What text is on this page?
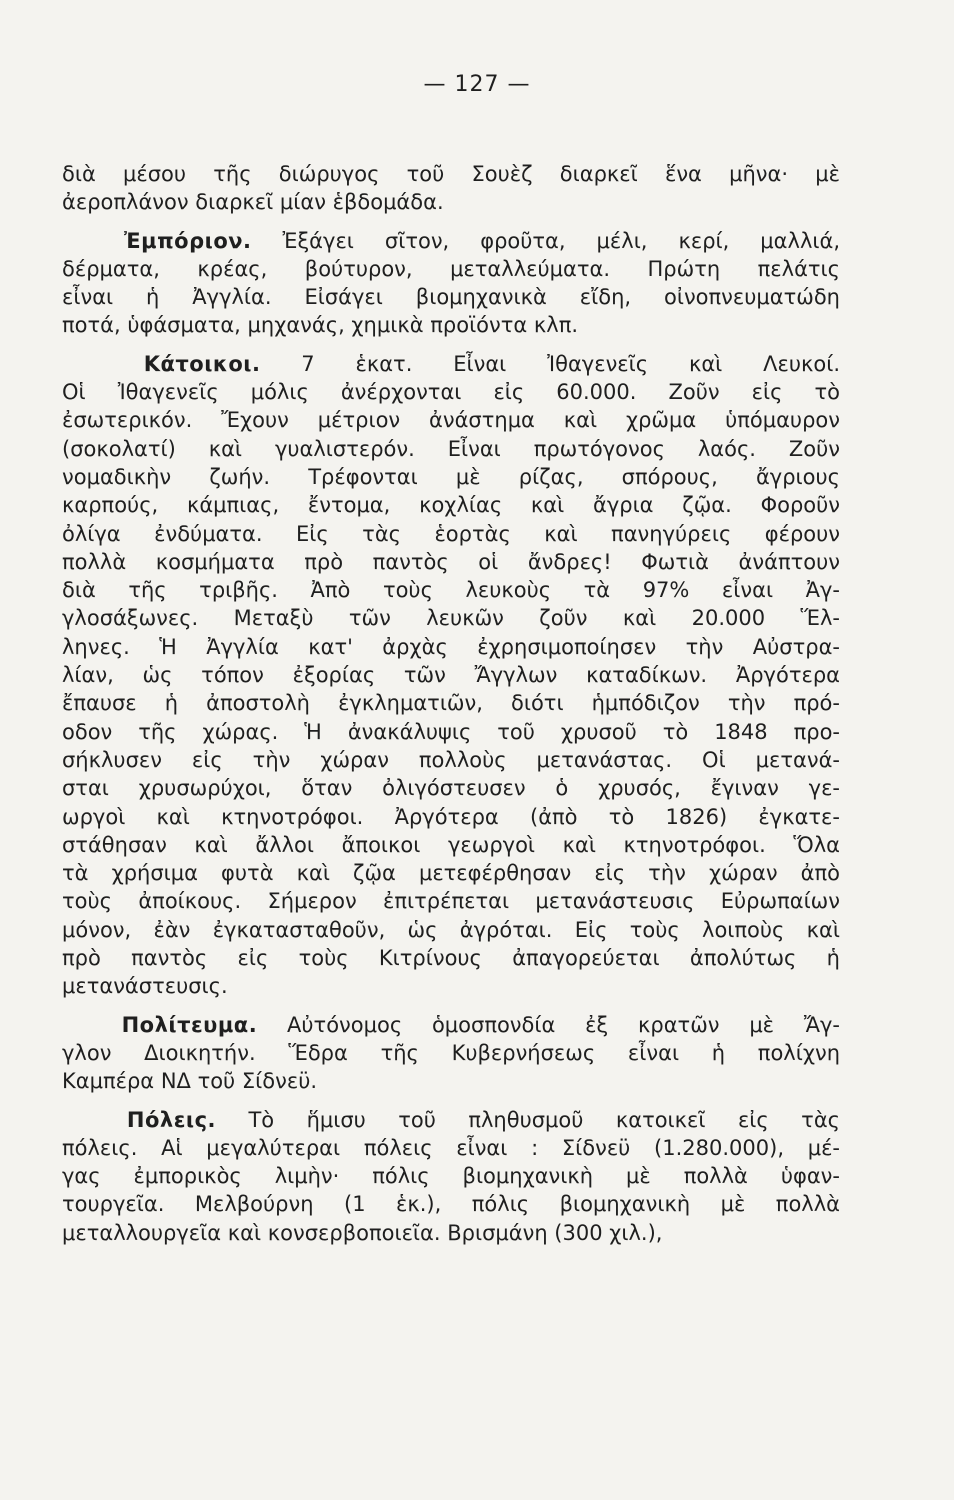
— 127 —
διὰ μέσου τῆς διώρυγος τοῦ Σουὲζ διαρκεῖ ἕνα μῆνα· μὲ
ἀεροπλάνον διαρκεῖ μίαν ἑβδομάδα.
Ἐμπόριον. Ἐξάγει σῖτον, φροῦτα, μέλι, κερί, μαλλιά,
δέρματα, κρέας, βούτυρον, μεταλλεύματα. Πρώτη πελάτις
εἶναι ἡ Ἀγγλία. Εἰσάγει βιομηχανικὰ εἴδη, οἰνοπνευματώδη
ποτά, ὑφάσματα, μηχανάς, χημικὰ προϊόντα κλπ.
Κάτοικοι. 7 ἑκατ. Εἶναι Ἰθαγενεῖς καὶ Λευκοί.
Οἱ Ἰθαγενεῖς μόλις ἀνέρχονται εἰς 60.000. Ζοῦν εἰς τὸ
ἐσωτερικόν. Ἔχουν μέτριον ἀνάστημα καὶ χρῶμα ὑπόμαυρον
(σοκολατί) καὶ γυαλιστερόν. Εἶναι πρωτόγονος λαός. Ζοῦν
νομαδικὴν ζωήν. Τρέφονται μὲ ρίζας, σπόρους, ἄγριους
καρπούς, κάμπιας, ἔντομα, κοχλίας καὶ ἄγρια ζῷα. Φοροῦν
ὀλίγα ἐνδύματα. Εἰς τὰς ἑορτὰς καὶ πανηγύρεις φέρουν
πολλὰ κοσμήματα πρὸ παντὸς οἱ ἄνδρες! Φωτιὰ ἀνάπτουν
διὰ τῆς τριβῆς. Ἀπὸ τοὺς λευκοὺς τὰ 97% εἶναι Ἀγ-
γλοσάξωνες. Μεταξὺ τῶν λευκῶν ζοῦν καὶ 20.000 Ἕλ-
ληνες. Ἡ Ἀγγλία κατ' ἀρχὰς ἐχρησιμοποίησεν τὴν Αὐστρα-
λίαν, ὡς τόπον ἐξορίας τῶν Ἄγγλων καταδίκων. Ἀργότερα
ἔπαυσε ἡ ἀποστολὴ ἐγκληματιῶν, διότι ἡμπόδιζον τὴν πρό-
οδον τῆς χώρας. Ἡ ἀνακάλυψις τοῦ χρυσοῦ τὸ 1848 προ-
σήκλυσεν εἰς τὴν χώραν πολλοὺς μετανάστας. Οἱ μετανά-
σται χρυσωρύχοι, ὅταν ὀλιγόστευσεν ὁ χρυσός, ἔγιναν γε-
ωργοὶ καὶ κτηνοτρόφοι. Ἀργότερα (ἀπὸ τὸ 1826) ἐγκατε-
στάθησαν καὶ ἄλλοι ἄποικοι γεωργοὶ καὶ κτηνοτρόφοι. Ὅλα
τὰ χρήσιμα φυτὰ καὶ ζῷα μετεφέρθησαν εἰς τὴν χώραν ἀπὸ
τοὺς ἀποίκους. Σήμερον ἐπιτρέπεται μετανάστευσις Εὐρωπαίων
μόνον, ἐὰν ἐγκατασταθοῦν, ὡς ἀγρόται. Εἰς τοὺς λοιποὺς καὶ
πρὸ παντὸς εἰς τοὺς Κιτρίνους ἀπαγορεύεται ἀπολύτως ἡ
μετανάστευσις.
Πολίτευμα. Αὐτόνομος ὁμοσπονδία ἐξ κρατῶν μὲ Ἄγ-
γλον Διοικητήν. Ἕδρα τῆς Κυβερνήσεως εἶναι ἡ πολίχνη
Καμπέρα ΝΔ τοῦ Σίδνεϋ.
Πόλεις. Τὸ ἥμισυ τοῦ πληθυσμοῦ κατοικεῖ εἰς τὰς
πόλεις. Αἱ μεγαλύτεραι πόλεις εἶναι : Σίδνεϋ (1.280.000), μέ-
γας ἐμπορικὸς λιμὴν· πόλις βιομηχανικὴ μὲ πολλὰ ὑφαν-
τουργεῖα. Μελβούρνη (1 ἑκ.), πόλις βιομηχανικὴ μὲ πολλὰ
μεταλλουργεῖα καὶ κονσερβοποιεῖα. Βρισμάνη (300 χιλ.),
